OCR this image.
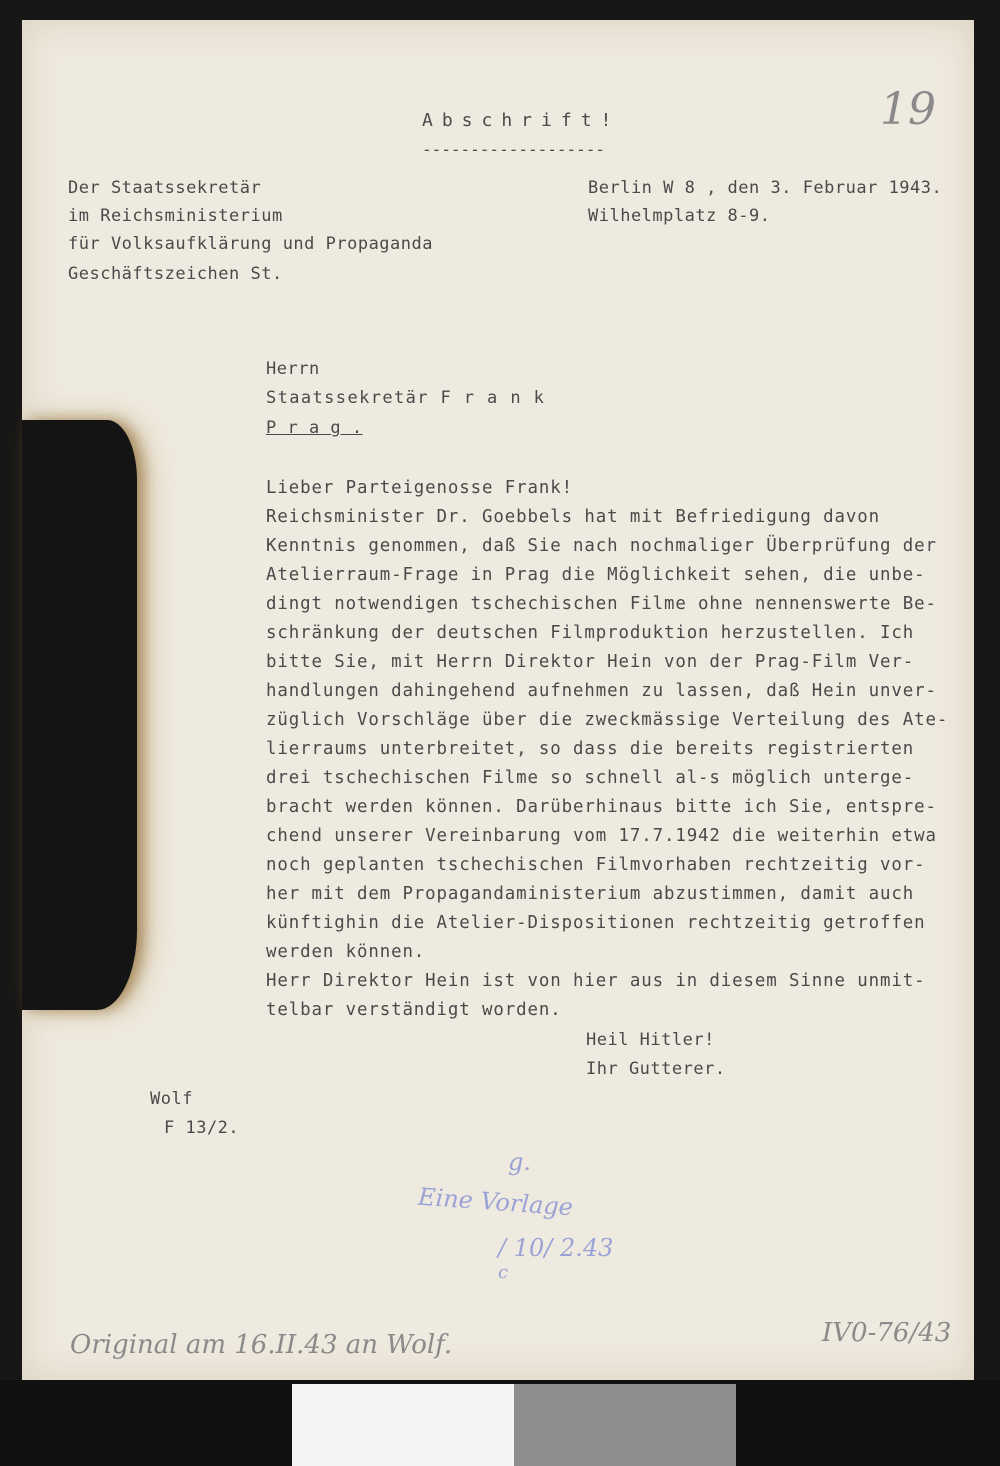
19
Abschrift!
-------------------
Der Staatssekretär
im Reichsministerium
für Volksaufklärung und Propaganda
Geschäftszeichen St.
Berlin W 8 , den 3. Februar 1943.
Wilhelmplatz 8-9.
Herrn
Staatssekretär F r a n k
P r a g .
Lieber Parteigenosse Frank!
Reichsminister Dr. Goebbels hat mit Befriedigung davon
Kenntnis genommen, daß Sie nach nochmaliger Überprüfung der
Atelierraum-Frage in Prag die Möglichkeit sehen, die unbe-
dingt notwendigen tschechischen Filme ohne nennenswerte Be-
schränkung der deutschen Filmproduktion herzustellen. Ich
bitte Sie, mit Herrn Direktor Hein von der Prag-Film Ver-
handlungen dahingehend aufnehmen zu lassen, daß Hein unver-
züglich Vorschläge über die zweckmässige Verteilung des Ate-
lierraums unterbreitet, so dass die bereits registrierten
drei tschechischen Filme so schnell al-s möglich unterge-
bracht werden können. Darüberhinaus bitte ich Sie, entspre-
chend unserer Vereinbarung vom 17.7.1942 die weiterhin etwa
noch geplanten tschechischen Filmvorhaben rechtzeitig vor-
her mit dem Propagandaministerium abzustimmen, damit auch
künftighin die Atelier-Dispositionen rechtzeitig getroffen
werden können.
Herr Direktor Hein ist von hier aus in diesem Sinne unmit-
telbar verständigt worden.
Heil Hitler!
Ihr Gutterer.
Wolf
F 13/2.
g.
Eine Vorlage
/ 10/ 2.43
c
Original am 16.II.43 an Wolf.	IV0-76/43
